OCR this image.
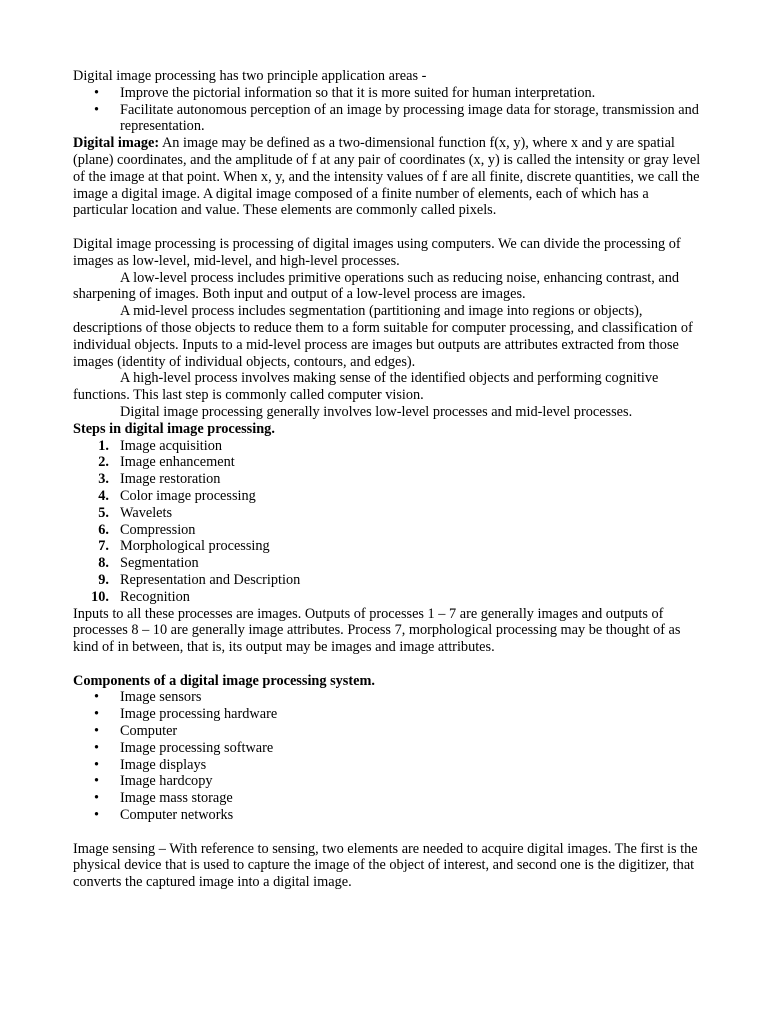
Digital image processing has two principle application areas -

• Improve the pictorial information so that it is more suited for human interpretation.
• Facilitate autonomous perception of an image by processing image data for storage, transmission and representation.

Digital image: An image may be defined as a two-dimensional function f(x, y), where x and y are spatial (plane) coordinates, and the amplitude of f at any pair of coordinates (x, y) is called the intensity or gray level of the image at that point. When x, y, and the intensity values of f are all finite, discrete quantities, we call the image a digital image. A digital image composed of a finite number of elements, each of which has a particular location and value. These elements are commonly called pixels.

Digital image processing is processing of digital images using computers. We can divide the processing of images as low-level, mid-level, and high-level processes.

A low-level process includes primitive operations such as reducing noise, enhancing contrast, and sharpening of images. Both input and output of a low-level process are images.

A mid-level process includes segmentation (partitioning and image into regions or objects), descriptions of those objects to reduce them to a form suitable for computer processing, and classification of individual objects. Inputs to a mid-level process are images but outputs are attributes extracted from those images (identity of individual objects, contours, and edges).

A high-level process involves making sense of the identified objects and performing cognitive functions. This last step is commonly called computer vision.

Digital image processing generally involves low-level processes and mid-level processes.

Steps in digital image processing.

1. Image acquisition
2. Image enhancement
3. Image restoration
4. Color image processing
5. Wavelets
6. Compression
7. Morphological processing
8. Segmentation
9. Representation and Description
10. Recognition

Inputs to all these processes are images. Outputs of processes 1 – 7 are generally images and outputs of processes 8 – 10 are generally image attributes. Process 7, morphological processing may be thought of as kind of in between, that is, its output may be images and image attributes.

Components of a digital image processing system.

• Image sensors
• Image processing hardware
• Computer
• Image processing software
• Image displays
• Image hardcopy
• Image mass storage
• Computer networks

Image sensing – With reference to sensing, two elements are needed to acquire digital images. The first is the physical device that is used to capture the image of the object of interest, and second one is the digitizer, that converts the captured image into a digital image.
